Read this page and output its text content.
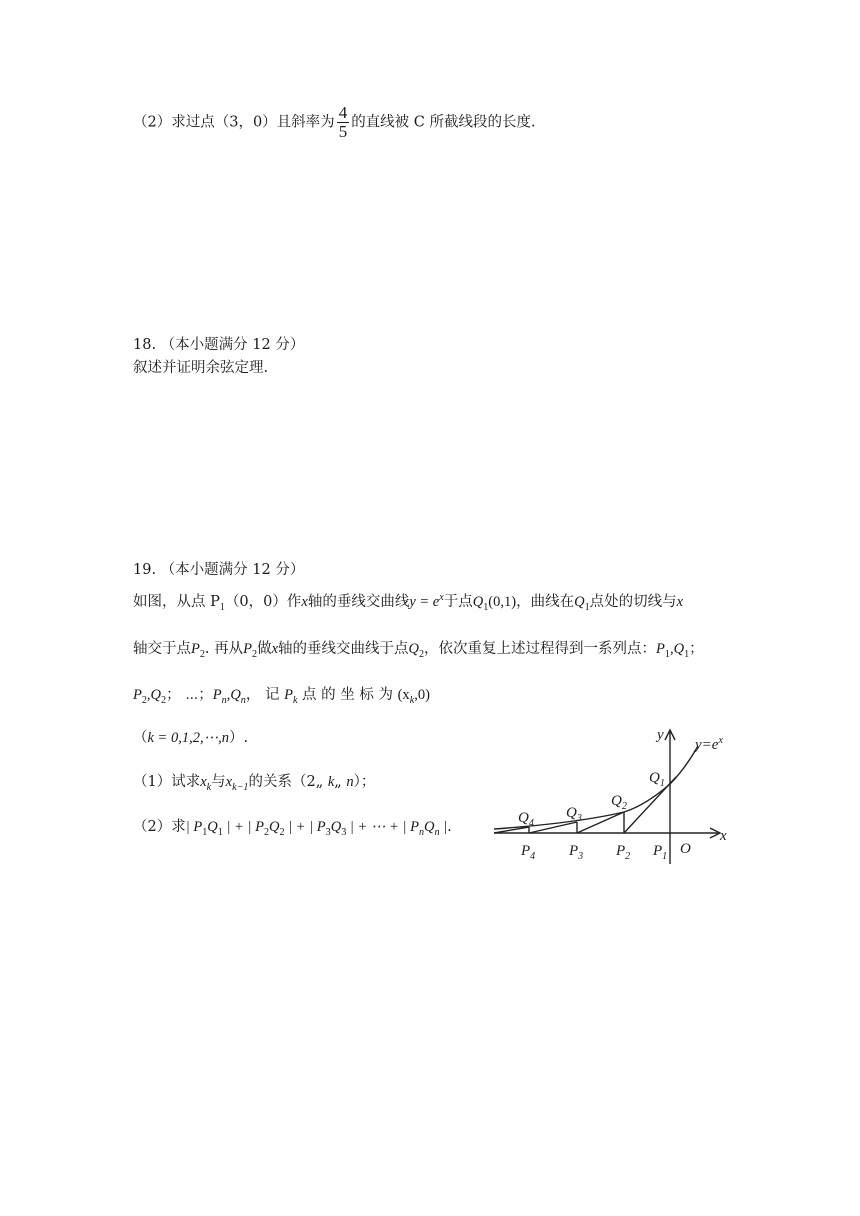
（2）求过点（3，0）且斜率为 $\frac{4}{5}$ 的直线被 C 所截线段的长度.
18. （本小题满分 12 分）
叙述并证明余弦定理.
19. （本小题满分 12 分）
如图，从点 $P_1(0$，0）作x轴的垂线交曲线$y = e^x$于点$Q_1(0,1)$，曲线在$Q_1$点处的切线与x
轴交于点$P_2$. 再从$P_2$做x轴的垂线交曲线于点$Q_2$，依次重复上述过程得到一系列点：$P_1,Q_1$；
$P_2,Q_2$； ⋯；$P_n,Q_n$， 记 $P_k$ 点 的 坐 标 为 $(x_k,0)$
（k = 0,1,2,⋯,n）.
（1）试求$x_k$与$x_{k-1}$的关系（2„ k„ n）；
（2）求| $P_1Q_1$ | + | $P_2Q_2$ | + | $P_3Q_3$ | + ⋯ + | $P_nQ_n$ |.
y
x
$y=e^x$
$Q_1$
$Q_2$
$Q_3$
$Q_4$
$P_1$
$P_2$
$P_3$
$P_4$	O
